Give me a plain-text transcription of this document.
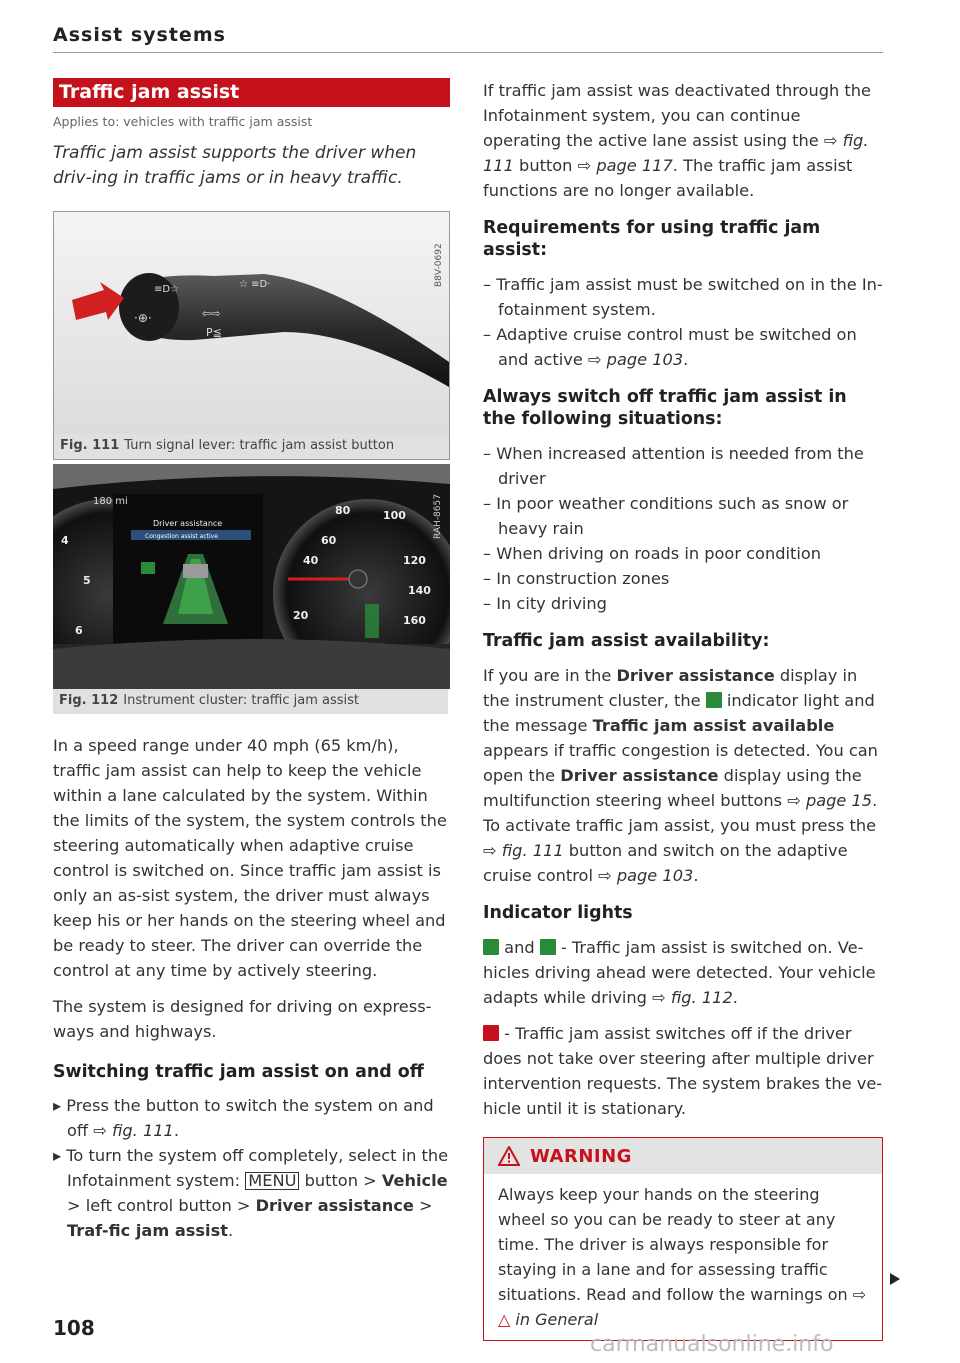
Assist systems
Traffic jam assist
Applies to: vehicles with traffic jam assist
Traffic jam assist supports the driver when driv-ing in traffic jams or in heavy traffic.
≡D☆	☆ ≡D·
·⊕·	⇦⇨
P≦
B8V-0692
Fig. 111 Turn signal lever: traffic jam assist button
180 mi
Driver assistance
Congestion assist active
4
5
6
80	100
120
140
160
40
20
60
RAH-8657
Fig. 112 Instrument cluster: traffic jam assist

In a speed range under 40 mph (65 km/h), traffic jam assist can help to keep the vehicle within a lane calculated by the system. Within the limits of the system, the system controls the steering automatically when adaptive cruise control is switched on. Since traffic jam assist is only an as-sist system, the driver must always keep his or her hands on the steering wheel and be ready to steer. The driver can override the control at any time by actively steering.

The system is designed for driving on express-ways and highways.

Switching traffic jam assist on and off
▸ Press the button to switch the system on and off ⇨ fig. 111.
▸ To turn the system off completely, select in the Infotainment system: MENU button > Vehicle > left control button > Driver assistance > Traf-fic jam assist.

If traffic jam assist was deactivated through the Infotainment system, you can continue operating the active lane assist using the ⇨ fig. 111 button ⇨ page 117. The traffic jam assist functions are no longer available.

Requirements for using traffic jam assist:
– Traffic jam assist must be switched on in the In-fotainment system.
– Adaptive cruise control must be switched on and active ⇨ page 103.
Always switch off traffic jam assist in the following situations:
– When increased attention is needed from the driver
– In poor weather conditions such as snow or heavy rain
– When driving on roads in poor condition
– In construction zones
– In city driving
Traffic jam assist availability:

If you are in the Driver assistance display in the instrument cluster, the  indicator light and the message Traffic jam assist available appears if traffic congestion is detected. You can open the Driver assistance display using the multifunction steering wheel buttons ⇨ page 15. To activate traffic jam assist, you must press the ⇨ fig. 111 button and switch on the adaptive cruise control ⇨ page 103.

Indicator lights

and  - Traffic jam assist is switched on. Ve-hicles driving ahead were detected. Your vehicle adapts while driving ⇨ fig. 112.

- Traffic jam assist switches off if the driver does not take over steering after multiple driver intervention requests. The system brakes the ve-hicle until it is stationary.

WARNING
Always keep your hands on the steering wheel so you can be ready to steer at any time. The driver is always responsible for staying in a lane and for assessing traffic situations. Read and follow the warnings on ⇨ △ in General
108
carmanualsonline.info
